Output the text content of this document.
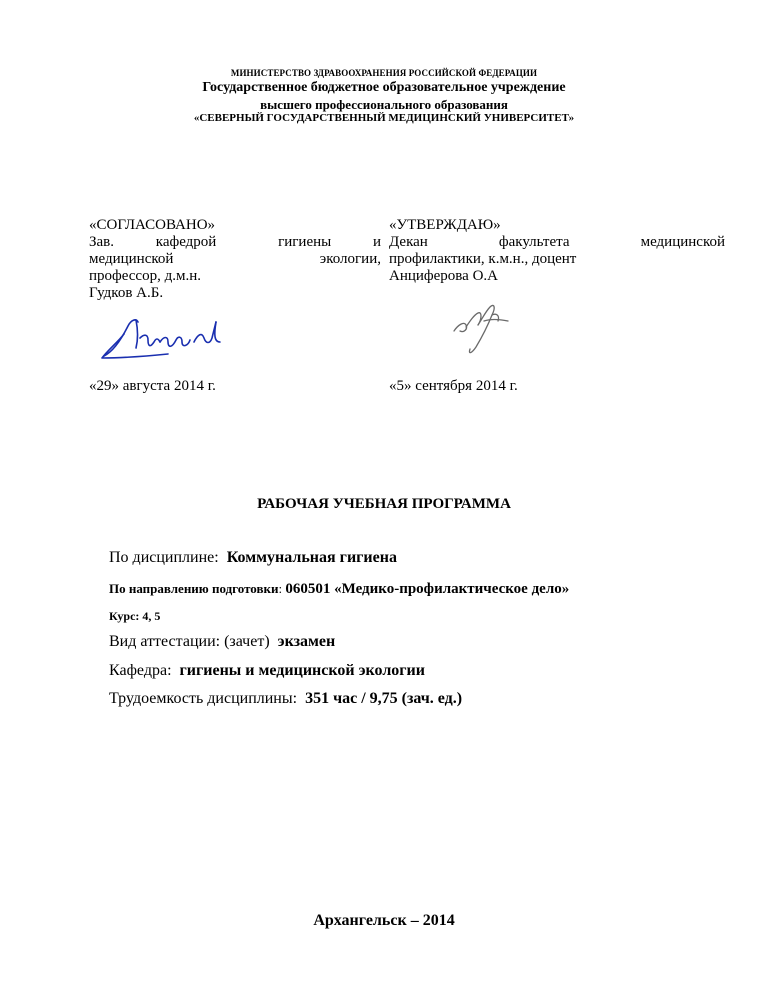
МИНИСТЕРСТВО ЗДРАВООХРАНЕНИЯ РОССИЙСКОЙ ФЕДЕРАЦИИ
Государственное бюджетное образовательное учреждение
высшего профессионального образования
«СЕВЕРНЫЙ ГОСУДАРСТВЕННЫЙ МЕДИЦИНСКИЙ УНИВЕРСИТЕТ»
«СОГЛАСОВАНО»
Зав.	кафедрой	гигиены	и
медицинской	экологии,
профессор, д.м.н.
Гудков А.Б.
«29» августа 2014 г.
«УТВЕРЖДАЮ»
Декан	факультета	медицинской
профилактики, к.м.н., доцент
Анциферова О.А
«5» сентября 2014 г.
РАБОЧАЯ УЧЕБНАЯ ПРОГРАММА
По дисциплине: Коммунальная гигиена
По направлению подготовки: 060501 «Медико-профилактическое дело»
Курс: 4, 5
Вид аттестации: (зачет) экзамен
Кафедра: гигиены и медицинской экологии
Трудоемкость дисциплины: 351 час / 9,75 (зач. ед.)
Архангельск – 2014
